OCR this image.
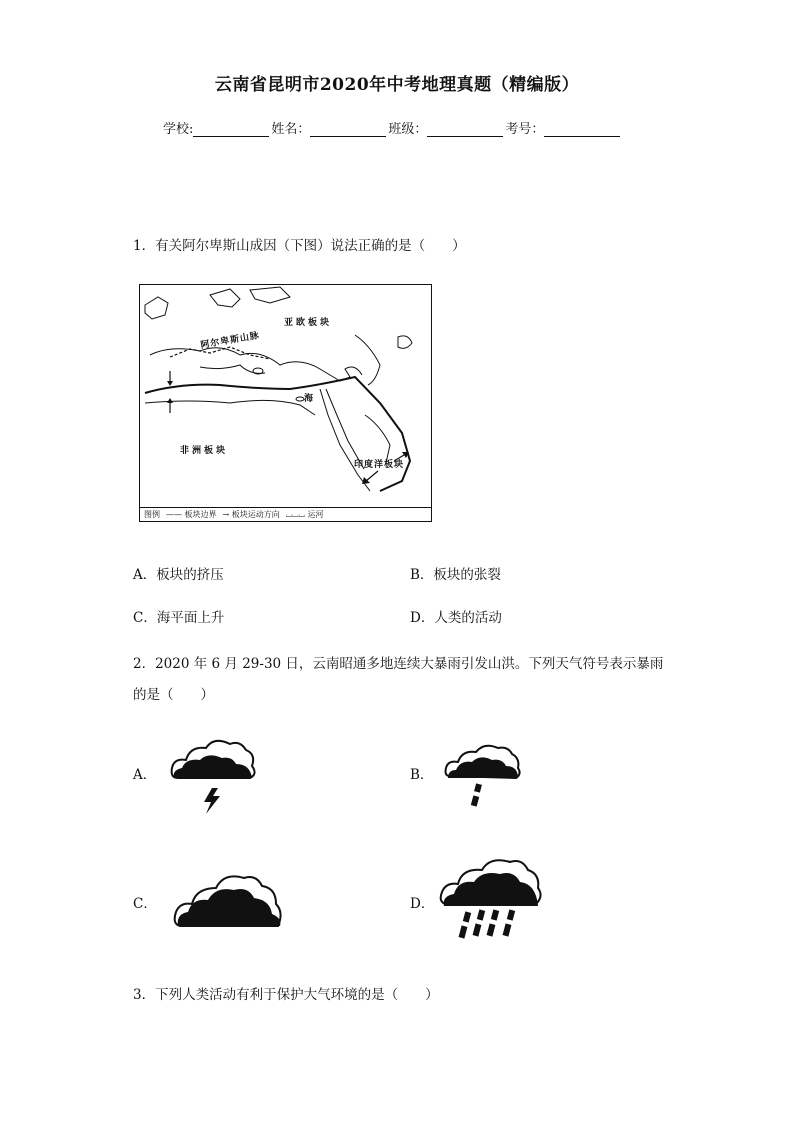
云南省昆明市2020年中考地理真题（精编版）
学校:	姓名：	班级：	考号：
1．有关阿尔卑斯山成因（下图）说法正确的是（　　）
亚欧板块
阿尔卑斯山脉
非洲板块
印度洋板块
海
图例 —— 板块边界 → 板块运动方向 ⌴⌴⌴ 运河
A．板块的挤压	B．板块的张裂
C．海平面上升	D．人类的活动
2．2020 年 6 月 29-30 日，云南昭通多地连续大暴雨引发山洪。下列天气符号表示暴雨
的是（　　）
A．	B．
C．	D．
3．下列人类活动有利于保护大气环境的是（　　）
